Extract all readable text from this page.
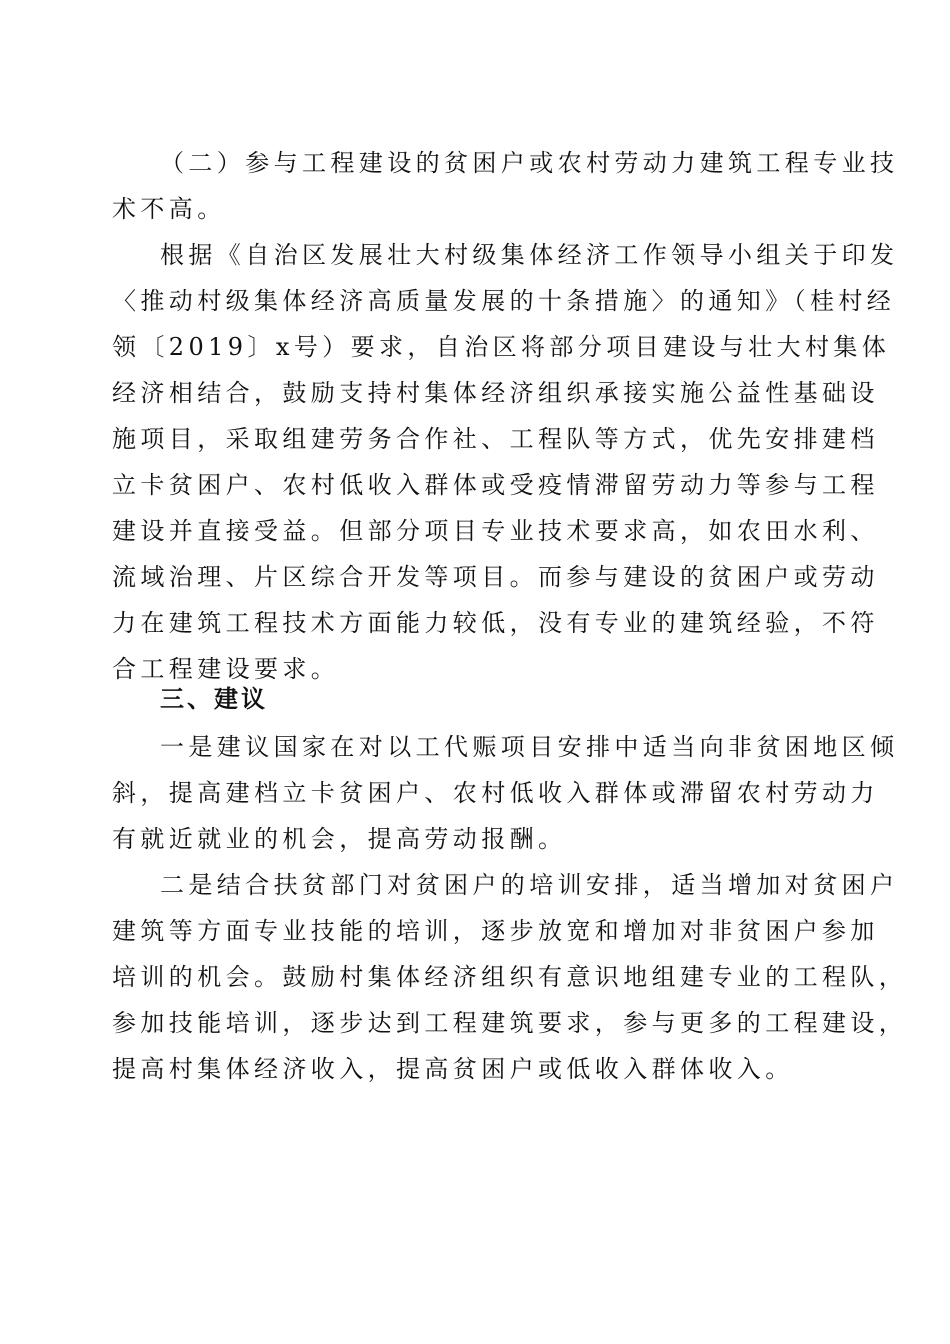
（二）参与工程建设的贫困户或农村劳动力建筑工程专业技
术不高。
根据《自治区发展壮大村级集体经济工作领导小组关于印发
〈推动村级集体经济高质量发展的十条措施〉的通知》（桂村经
领〔2019〕x号）要求，自治区将部分项目建设与壮大村集体
经济相结合，鼓励支持村集体经济组织承接实施公益性基础设
施项目，采取组建劳务合作社、工程队等方式，优先安排建档
立卡贫困户、农村低收入群体或受疫情滞留劳动力等参与工程
建设并直接受益。但部分项目专业技术要求高，如农田水利、
流域治理、片区综合开发等项目。而参与建设的贫困户或劳动
力在建筑工程技术方面能力较低，没有专业的建筑经验，不符
合工程建设要求。
三、建议
一是建议国家在对以工代赈项目安排中适当向非贫困地区倾
斜，提高建档立卡贫困户、农村低收入群体或滞留农村劳动力
有就近就业的机会，提高劳动报酬。
二是结合扶贫部门对贫困户的培训安排，适当增加对贫困户
建筑等方面专业技能的培训，逐步放宽和增加对非贫困户参加
培训的机会。鼓励村集体经济组织有意识地组建专业的工程队，
参加技能培训，逐步达到工程建筑要求，参与更多的工程建设，
提高村集体经济收入，提高贫困户或低收入群体收入。
